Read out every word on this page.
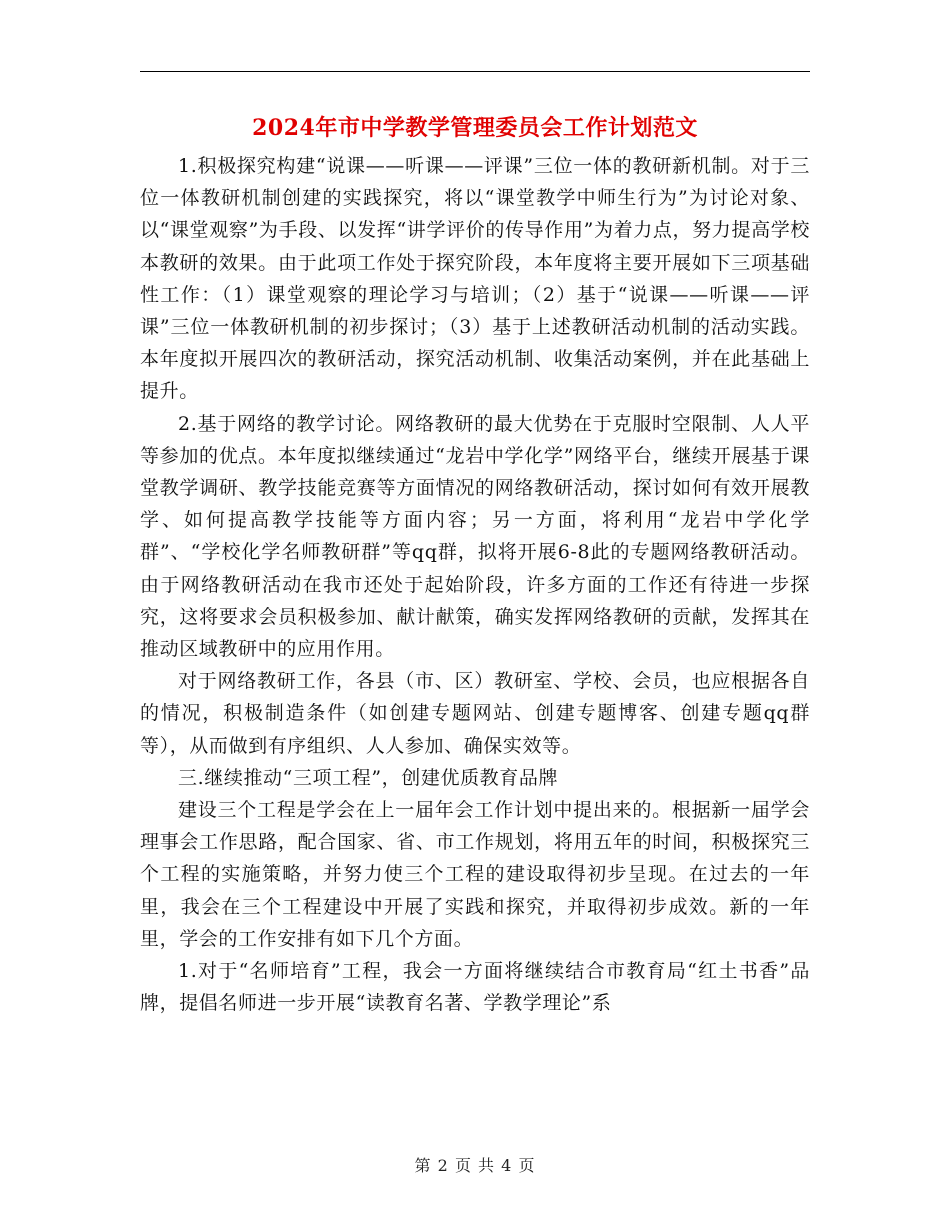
2024年市中学教学管理委员会工作计划范文

1.积极探究构建“说课——听课——评课”三位一体的教研新机制。对于三位一体教研机制创建的实践探究，将以“课堂教学中师生行为”为讨论对象、以“课堂观察”为手段、以发挥“讲学评价的传导作用”为着力点，努力提高学校本教研的效果。由于此项工作处于探究阶段，本年度将主要开展如下三项基础性工作：（1）课堂观察的理论学习与培训；（2）基于“说课——听课——评课”三位一体教研机制的初步探讨；（3）基于上述教研活动机制的活动实践。本年度拟开展四次的教研活动，探究活动机制、收集活动案例，并在此基础上提升。

2.基于网络的教学讨论。网络教研的最大优势在于克服时空限制、人人平等参加的优点。本年度拟继续通过“龙岩中学化学”网络平台，继续开展基于课堂教学调研、教学技能竞赛等方面情况的网络教研活动，探讨如何有效开展教学、如何提高教学技能等方面内容；另一方面，将利用“龙岩中学化学群”、“学校化学名师教研群”等qq群，拟将开展6-8此的专题网络教研活动。由于网络教研活动在我市还处于起始阶段，许多方面的工作还有待进一步探究，这将要求会员积极参加、献计献策，确实发挥网络教研的贡献，发挥其在推动区域教研中的应用作用。

对于网络教研工作，各县（市、区）教研室、学校、会员，也应根据各自的情况，积极制造条件（如创建专题网站、创建专题博客、创建专题qq群等），从而做到有序组织、人人参加、确保实效等。

三.继续推动“三项工程”，创建优质教育品牌

建设三个工程是学会在上一届年会工作计划中提出来的。根据新一届学会理事会工作思路，配合国家、省、市工作规划，将用五年的时间，积极探究三个工程的实施策略，并努力使三个工程的建设取得初步呈现。在过去的一年里，我会在三个工程建设中开展了实践和探究，并取得初步成效。新的一年里，学会的工作安排有如下几个方面。

1.对于“名师培育”工程，我会一方面将继续结合市教育局“红土书香”品牌，提倡名师进一步开展“读教育名著、学教学理论”系

第 2 页 共 4 页
